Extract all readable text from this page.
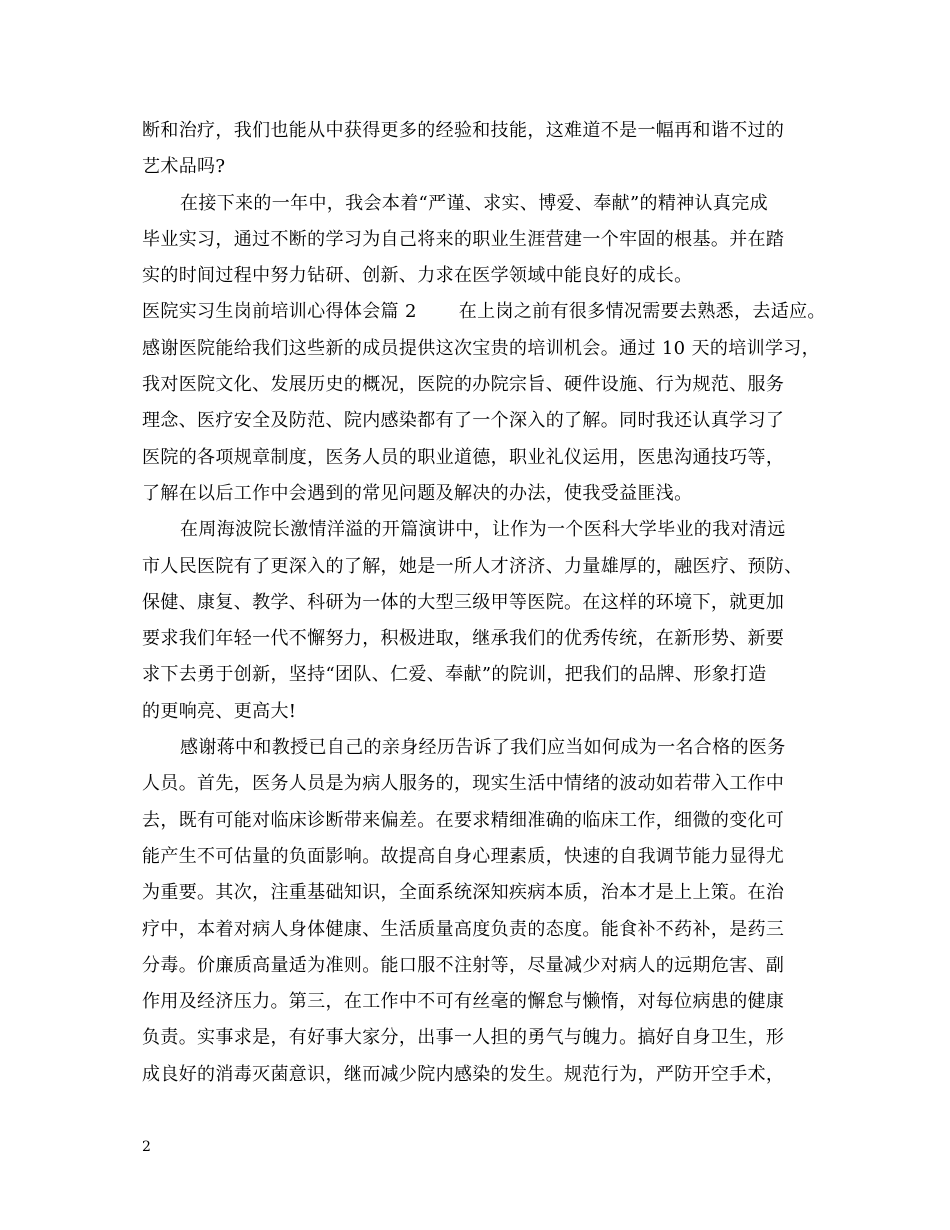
断和治疗，我们也能从中获得更多的经验和技能，这难道不是一幅再和谐不过的
艺术品吗?
在接下来的一年中，我会本着“严谨、求实、博爱、奉献”的精神认真完成
毕业实习，通过不断的学习为自己将来的职业生涯营建一个牢固的根基。并在踏
实的时间过程中努力钻研、创新、力求在医学领域中能良好的成长。
医院实习生岗前培训心得体会篇 2 在上岗之前有很多情况需要去熟悉，去适应。
感谢医院能给我们这些新的成员提供这次宝贵的培训机会。通过 10 天的培训学习，
我对医院文化、发展历史的概况，医院的办院宗旨、硬件设施、行为规范、服务
理念、医疗安全及防范、院内感染都有了一个深入的了解。同时我还认真学习了
医院的各项规章制度，医务人员的职业道德，职业礼仪运用，医患沟通技巧等，
了解在以后工作中会遇到的常见问题及解决的办法，使我受益匪浅。
在周海波院长激情洋溢的开篇演讲中，让作为一个医科大学毕业的我对清远
市人民医院有了更深入的了解，她是一所人才济济、力量雄厚的，融医疗、预防、
保健、康复、教学、科研为一体的大型三级甲等医院。在这样的环境下，就更加
要求我们年轻一代不懈努力，积极进取，继承我们的优秀传统，在新形势、新要
求下去勇于创新，坚持“团队、仁爱、奉献”的院训，把我们的品牌、形象打造
的更响亮、更高大!
感谢蒋中和教授已自己的亲身经历告诉了我们应当如何成为一名合格的医务
人员。首先，医务人员是为病人服务的，现实生活中情绪的波动如若带入工作中
去，既有可能对临床诊断带来偏差。在要求精细准确的临床工作，细微的变化可
能产生不可估量的负面影响。故提高自身心理素质，快速的自我调节能力显得尤
为重要。其次，注重基础知识，全面系统深知疾病本质，治本才是上上策。在治
疗中，本着对病人身体健康、生活质量高度负责的态度。能食补不药补，是药三
分毒。价廉质高量适为准则。能口服不注射等，尽量减少对病人的远期危害、副
作用及经济压力。第三，在工作中不可有丝毫的懈怠与懒惰，对每位病患的健康
负责。实事求是，有好事大家分，出事一人担的勇气与魄力。搞好自身卫生，形
成良好的消毒灭菌意识，继而减少院内感染的发生。规范行为，严防开空手术，
2
